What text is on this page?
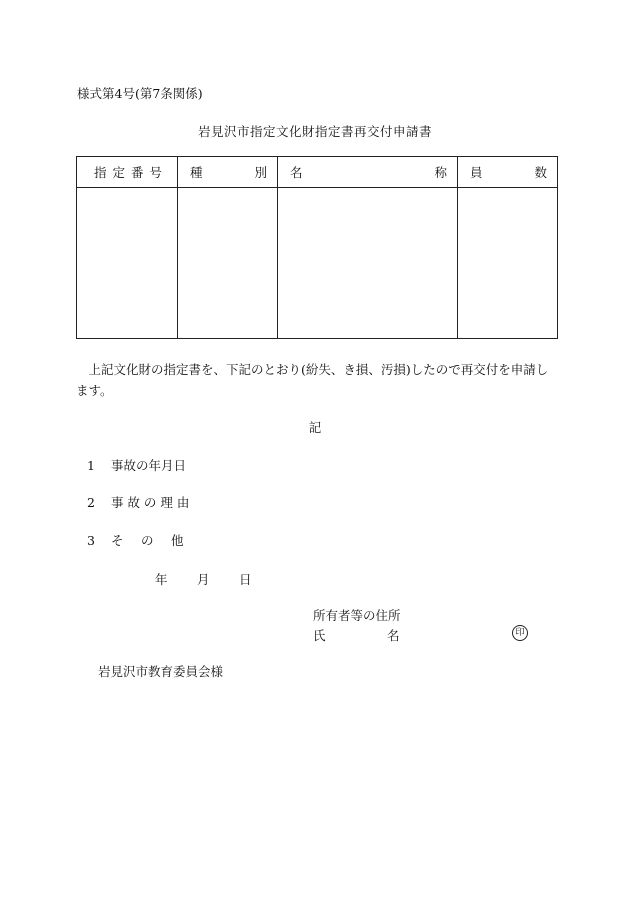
様式第4号(第7条関係)
岩見沢市指定文化財指定書再交付申請書
指 定 番 号	種 別	名 称	員 数

上記文化財の指定書を、下記のとおり(紛失、き損、汚損)したので再交付を申請します。
記
1 事故の年月日
2 事 故 の 理 由
3 そ の 他
年 月 日
所有者等の住所
氏	名	印
岩見沢市教育委員会様
